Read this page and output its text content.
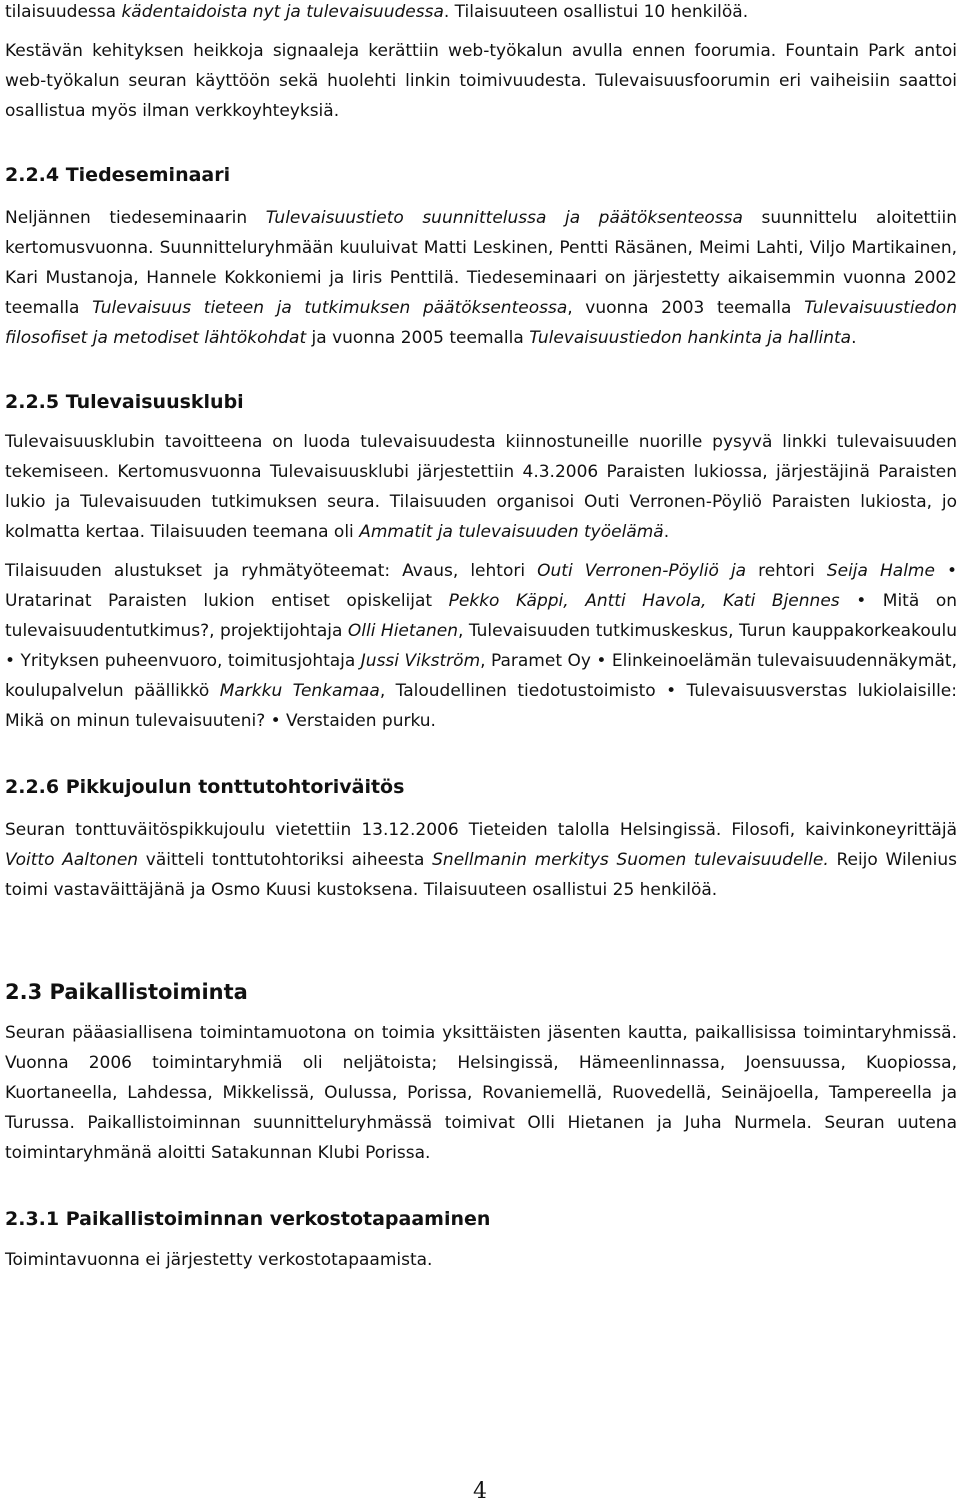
tilaisuudessa kädentaidoista nyt ja tulevaisuudessa. Tilaisuuteen osallistui 10 henkilöä.

Kestävän kehityksen heikkoja signaaleja kerättiin web-työkalun avulla ennen foorumia. Fountain Park antoi web-työkalun seuran käyttöön sekä huolehti linkin toimivuudesta. Tulevaisuusfoorumin eri vaiheisiin saattoi osallistua myös ilman verkkoyhteyksiä.

2.2.4 Tiedeseminaari

Neljännen tiedeseminaarin Tulevaisuustieto suunnittelussa ja päätöksenteossa suunnittelu aloitettiin kertomusvuonna. Suunnitteluryhmään kuuluivat Matti Leskinen, Pentti Räsänen, Meimi Lahti, Viljo Martikainen, Kari Mustanoja, Hannele Kokkoniemi ja Iiris Penttilä. Tiedeseminaari on järjestetty aikaisemmin vuonna 2002 teemalla Tulevaisuus tieteen ja tutkimuksen päätöksenteossa, vuonna 2003 teemalla Tulevaisuustiedon filosofiset ja metodiset lähtökohdat ja vuonna 2005 teemalla Tulevaisuustiedon hankinta ja hallinta.

2.2.5 Tulevaisuusklubi

Tulevaisuusklubin tavoitteena on luoda tulevaisuudesta kiinnostuneille nuorille pysyvä linkki tulevaisuuden tekemiseen. Kertomusvuonna Tulevaisuusklubi järjestettiin 4.3.2006 Paraisten lukiossa, järjestäjinä Paraisten lukio ja Tulevaisuuden tutkimuksen seura. Tilaisuuden organisoi Outi Verronen-Pöyliö Paraisten lukiosta, jo kolmatta kertaa. Tilaisuuden teemana oli Ammatit ja tulevaisuuden työelämä.

Tilaisuuden alustukset ja ryhmätyöteemat: Avaus, lehtori Outi Verronen-Pöyliö ja rehtori Seija Halme • Uratarinat Paraisten lukion entiset opiskelijat Pekko Käppi, Antti Havola, Kati Bjennes • Mitä on tulevaisuudentutkimus?, projektijohtaja Olli Hietanen, Tulevaisuuden tutkimuskeskus, Turun kauppakorkeakoulu • Yrityksen puheenvuoro, toimitusjohtaja Jussi Vikström, Paramet Oy • Elinkeinoelämän tulevaisuudennäkymät, koulupalvelun päällikkö Markku Tenkamaa, Taloudellinen tiedotustoimisto • Tulevaisuusverstas lukiolaisille: Mikä on minun tulevaisuuteni? • Verstaiden purku.

2.2.6 Pikkujoulun tonttutohtoriväitös

Seuran tonttuväitöspikkujoulu vietettiin 13.12.2006 Tieteiden talolla Helsingissä. Filosofi, kaivinkoneyrittäjä Voitto Aaltonen väitteli tonttutohtoriksi aiheesta Snellmanin merkitys Suomen tulevaisuudelle. Reijo Wilenius toimi vastaväittäjänä ja Osmo Kuusi kustoksena. Tilaisuuteen osallistui 25 henkilöä.

2.3 Paikallistoiminta

Seuran pääasiallisena toimintamuotona on toimia yksittäisten jäsenten kautta, paikallisissa toimintaryhmissä. Vuonna 2006 toimintaryhmiä oli neljätoista; Helsingissä, Hämeenlinnassa, Joensuussa, Kuopiossa, Kuortaneella, Lahdessa, Mikkelissä, Oulussa, Porissa, Rovaniemellä, Ruovedellä, Seinäjoella, Tampereella ja Turussa. Paikallistoiminnan suunnitteluryhmässä toimivat Olli Hietanen ja Juha Nurmela. Seuran uutena toimintaryhmänä aloitti Satakunnan Klubi Porissa.

2.3.1 Paikallistoiminnan verkostotapaaminen

Toimintavuonna ei järjestetty verkostotapaamista.

4
